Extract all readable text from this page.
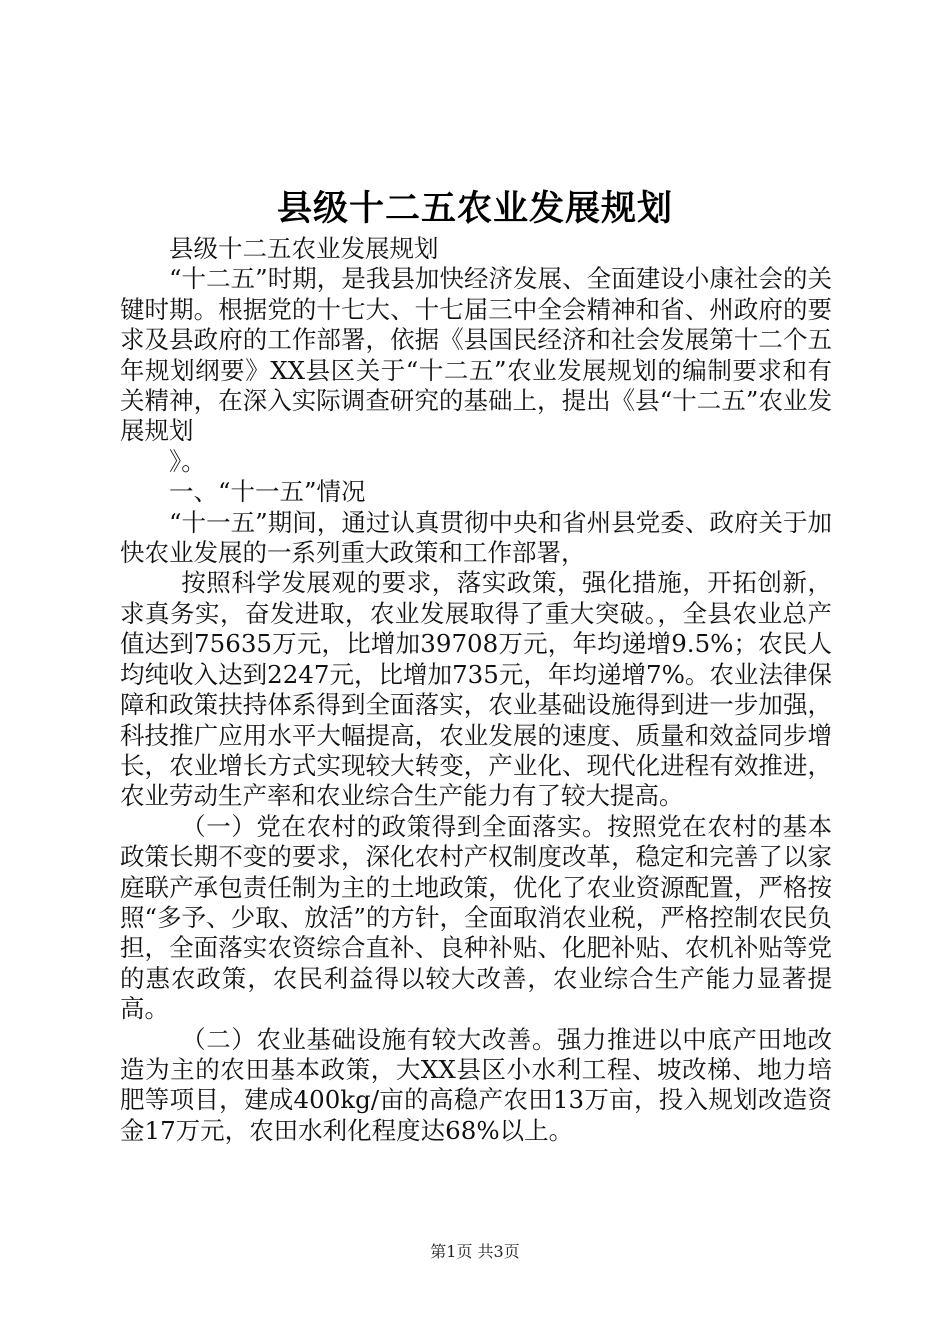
县级十二五农业发展规划

县级十二五农业发展规划

“十二五”时期，是我县加快经济发展、全面建设小康社会的关键时期。根据党的十七大、十七届三中全会精神和省、州政府的要求及县政府的工作部署，依据《县国民经济和社会发展第十二个五年规划纲要》XX县区关于“十二五”农业发展规划的编制要求和有关精神，在深入实际调查研究的基础上，提出《县“十二五”农业发展规划

》。

一、“十一五”情况

“十一五”期间，通过认真贯彻中央和省州县党委、政府关于加快农业发展的一系列重大政策和工作部署，

按照科学发展观的要求，落实政策，强化措施，开拓创新，求真务实，奋发进取，农业发展取得了重大突破。，全县农业总产值达到75635万元，比增加39708万元，年均递增9.5%；农民人均纯收入达到2247元，比增加735元，年均递增7%。农业法律保障和政策扶持体系得到全面落实，农业基础设施得到进一步加强，科技推广应用水平大幅提高，农业发展的速度、质量和效益同步增长，农业增长方式实现较大转变，产业化、现代化进程有效推进，农业劳动生产率和农业综合生产能力有了较大提高。

（一）党在农村的政策得到全面落实。按照党在农村的基本政策长期不变的要求，深化农村产权制度改革，稳定和完善了以家庭联产承包责任制为主的土地政策，优化了农业资源配置，严格按照“多予、少取、放活”的方针，全面取消农业税，严格控制农民负担，全面落实农资综合直补、良种补贴、化肥补贴、农机补贴等党的惠农政策，农民利益得以较大改善，农业综合生产能力显著提高。

（二）农业基础设施有较大改善。强力推进以中底产田地改造为主的农田基本政策，大XX县区小水利工程、坡改梯、地力培肥等项目，建成400kg/亩的高稳产农田13万亩，投入规划改造资金17万元，农田水利化程度达68%以上。

第1页 共3页
